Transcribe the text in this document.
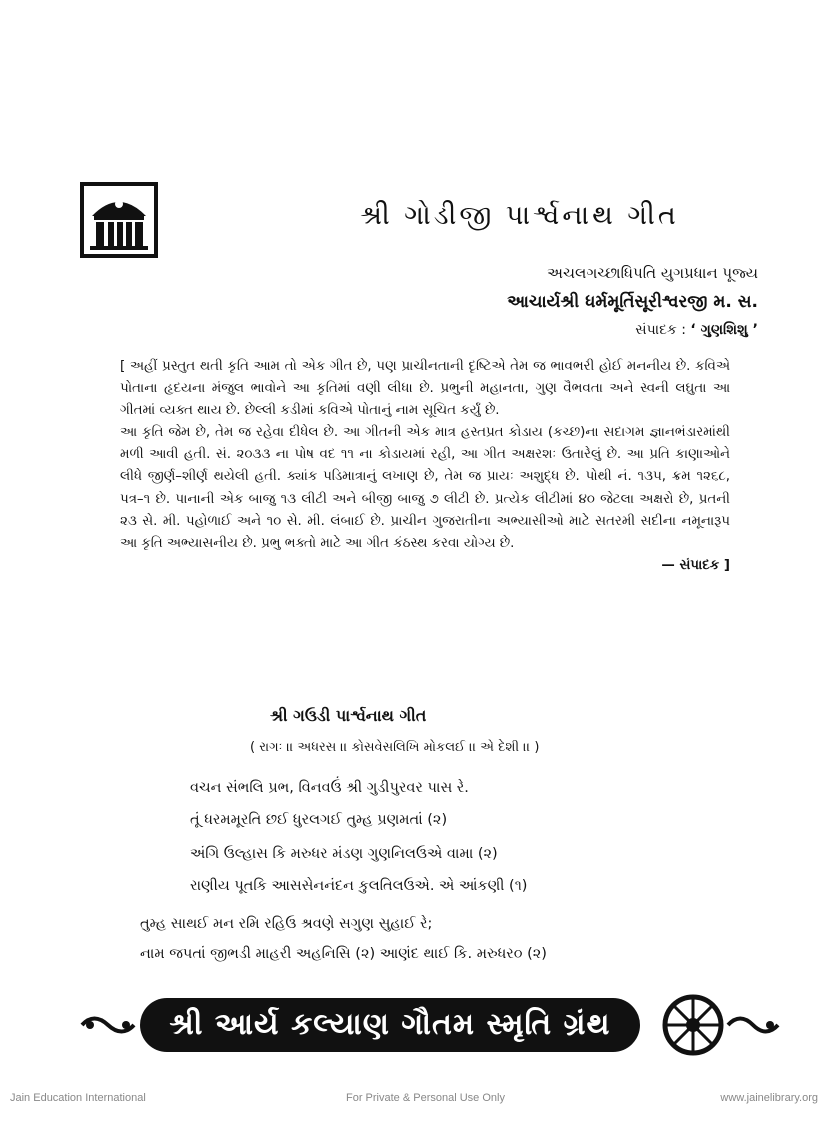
શ્રી ગોડીજી પાર્શ્વનાથ ગીત
અચલગચ્છાધિપતિ યુગપ્રધાન પૂજ્ય
આચાર્યશ્રી ધર્મમૂર્તિસૂરીશ્વરજી મ. સ.
સંપાદક : ‘ ગુણશિશુ ’

[ અહીં પ્રસ્તુત થતી કૃતિ આમ તો એક ગીત છે, પણ પ્રાચીનતાની દૃષ્ટિએ તેમ જ ભાવભરી હોઈ મનનીય છે. કવિએ પોતાના હૃદયના મંજુલ ભાવોને આ કૃતિમાં વણી લીધા છે. પ્રભુની મહાનતા, ગુણ વૈભવતા અને સ્વની લઘુતા આ ગીતમાં વ્યક્ત થાય છે. છેલ્લી કડીમાં કવિએ પોતાનું નામ સૂચિત કર્યું છે.

આ કૃતિ જેમ છે, તેમ જ રહેવા દીધેલ છે. આ ગીતની એક માત્ર હસ્તપ્રત કોડાય (કચ્છ)ના સદાગમ જ્ઞાનભંડારમાંથી મળી આવી હતી. સં. ૨૦૩૩ ના પોષ વદ ૧૧ ના કોડાયમાં રહી, આ ગીત અક્ષરશઃ ઉતારેલું છે. આ પ્રતિ કાણાઓને લીધે જીર્ણ–શીર્ણ થયેલી હતી. ક્યાંક પડિમાત્રાનું લખાણ છે, તેમ જ પ્રાયઃ અશુદ્ધ છે. પોથી નં. ૧૩૫, ક્રમ ૧૨૬૮, પત્ર–૧ છે. પાનાની એક બાજુ ૧૩ લીટી અને બીજી બાજુ ૭ લીટી છે. પ્રત્યેક લીટીમાં ૪૦ જેટલા અક્ષરો છે, પ્રતની ૨૩ સે. મી. પહોળાઈ અને ૧૦ સે. મી. લંબાઈ છે. પ્રાચીન ગુજરાતીના અભ્યાસીઓ માટે સતરમી સદીના નમૂનારૂપ આ કૃતિ અભ્યાસનીય છે. પ્રભુ ભક્તો માટે આ ગીત કંઠસ્થ કરવા યોગ્ય છે.

— સંપાદક ]

શ્રી ગઉડી પાર્શ્વનાથ ગીત
( રાગઃ ।। અધરસ ।। કોસવેસલિખિ મોકલઈ ।। એ દેશી ।। )
વચન સંભલિ પ્રભ, વિનવઉં શ્રી ગુડીપુરવર પાસ રે.
તૂં ધરમમૂરતિ છઈ ધુરલગઈ તુમ્હ પ્રણમતાં (૨)
અંગિ ઉલ્હાસ કિ મરુધર મંડણ ગુણનિલઉએ વામા (૨)
રાણીય પૂતકિ આસસેનનંદન કુલતિલઉએ. એ આંકણી (૧)
તુમ્હ સાથઈ મન રમિ રહિઉ શ્રવણે સગુણ સુહાઈ રે;
નામ જપતાં જીભડી માહરી અહનિસિ (૨) આણંદ થાઈ કિ. મરુધર૦ (૨)
શ્રી આર્ય કલ્યાણ ગૌતમ સ્મૃતિ ગ્રંથ
Jain Education International	For Private & Personal Use Only	www.jainelibrary.org
